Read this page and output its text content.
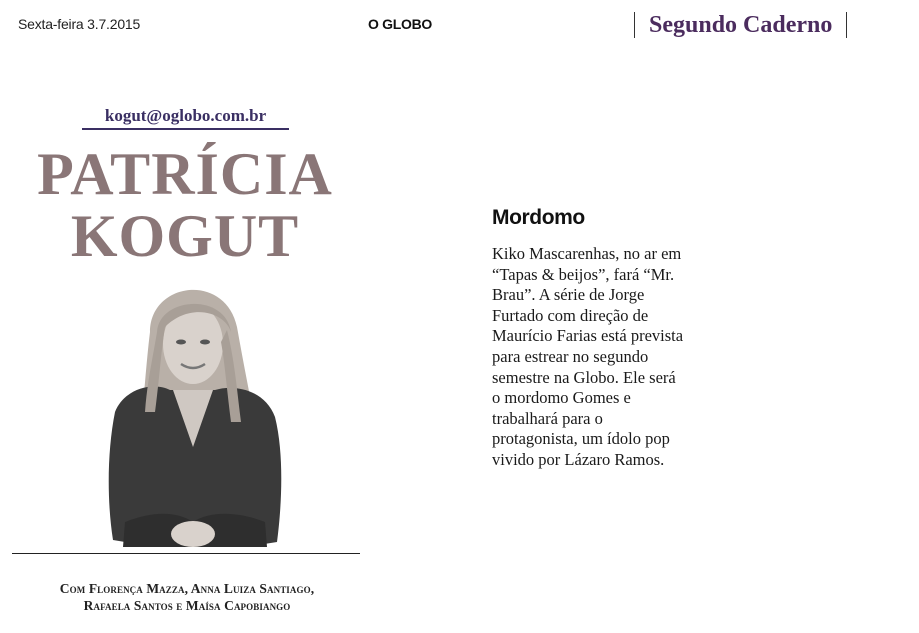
Sexta-feira 3.7.2015	O GLOBO	Segundo Caderno
kogut@oglobo.com.br
PATRÍCIA
KOGUT
Com Florença Mazza, Anna Luiza Santiago,
Rafaela Santos e Maísa Capobiango
Mordomo
Kiko Mascarenhas, no ar em
“Tapas & beijos”, fará “Mr.
Brau”. A série de Jorge
Furtado com direção de
Maurício Farias está prevista
para estrear no segundo
semestre na Globo. Ele será
o mordomo Gomes e
trabalhará para o
protagonista, um ídolo pop
vivido por Lázaro Ramos.
